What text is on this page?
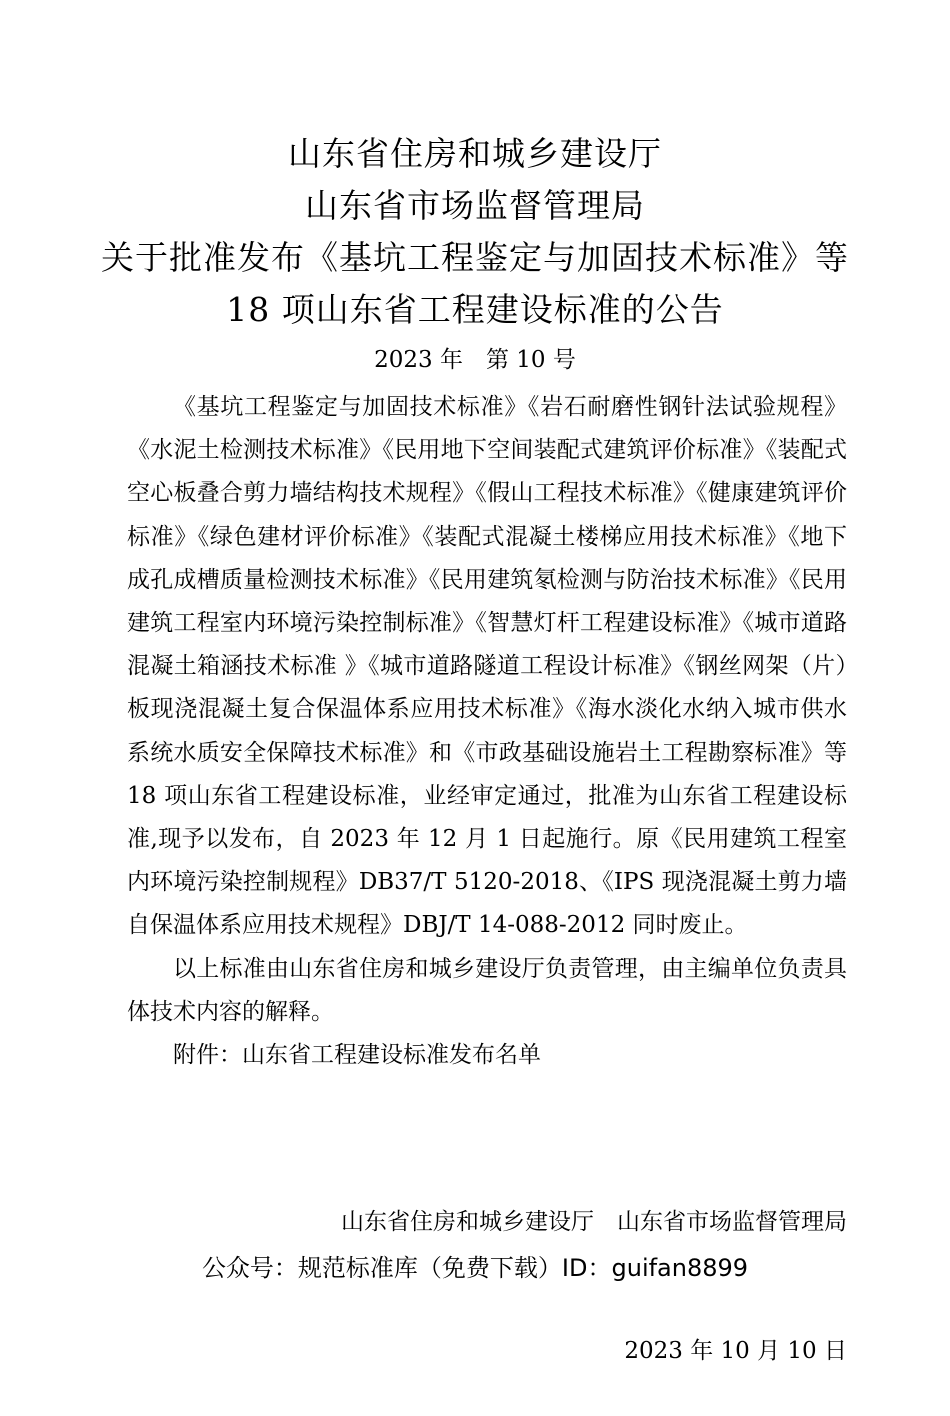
山东省住房和城乡建设厅
山东省市场监督管理局
关于批准发布《基坑工程鉴定与加固技术标准》等
18 项山东省工程建设标准的公告
2023 年　第 10 号

《基坑工程鉴定与加固技术标准》《岩石耐磨性钢针法试验规程》《水泥土检测技术标准》《民用地下空间装配式建筑评价标准》《装配式空心板叠合剪力墙结构技术规程》《假山工程技术标准》《健康建筑评价标准》《绿色建材评价标准》《装配式混凝土楼梯应用技术标准》《地下成孔成槽质量检测技术标准》《民用建筑氡检测与防治技术标准》《民用建筑工程室内环境污染控制标准》《智慧灯杆工程建设标准》《城市道路混凝土箱涵技术标准 》《城市道路隧道工程设计标准》《钢丝网架（片）板现浇混凝土复合保温体系应用技术标准》《海水淡化水纳入城市供水系统水质安全保障技术标准》和《市政基础设施岩土工程勘察标准》等 18 项山东省工程建设标准，业经审定通过，批准为山东省工程建设标准,现予以发布，自 2023 年 12 月 1 日起施行。原《民用建筑工程室内环境污染控制规程》DB37/T 5120-2018、《IPS 现浇混凝土剪力墙自保温体系应用技术规程》DBJ/T 14-088-2012 同时废止。

以上标准由山东省住房和城乡建设厅负责管理，由主编单位负责具体技术内容的解释。

附件：山东省工程建设标准发布名单

山东省住房和城乡建设厅　山东省市场监督管理局

2023 年 10 月 10 日

公众号：规范标准库（免费下载）ID：guifan8899
